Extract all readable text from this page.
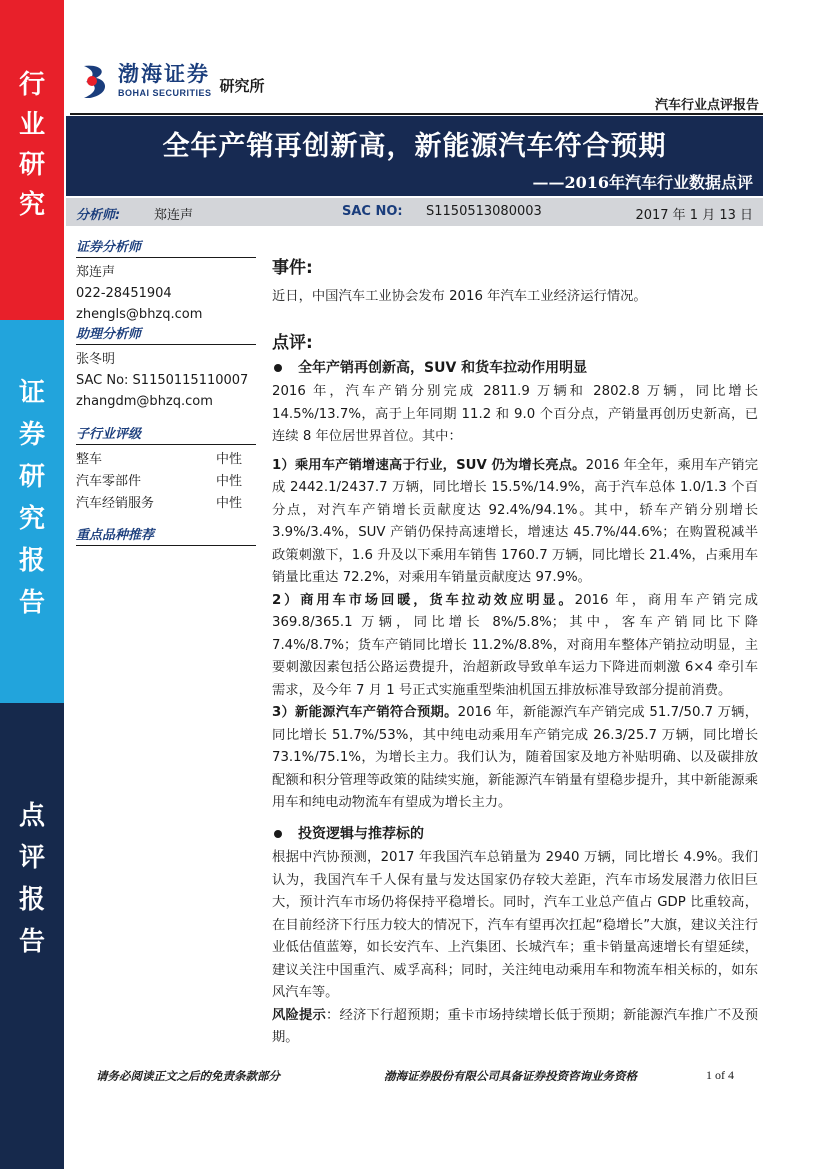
行
业
研
究
证
券
研
究
报
告
点
评
报
告
渤海证券
BOHAI SECURITIES 研究所
汽车行业点评报告
全年产销再创新高，新能源汽车符合预期
——2016年汽车行业数据点评
分析师:	郑连声	SAC NO: S1150513080003	2017 年 1 月 13 日
证券分析师
郑连声
022-28451904
zhengls@bhzq.com
助理分析师
张冬明
SAC No: S1150115110007
zhangdm@bhzq.com
子行业评级
整车	中性
汽车零部件	中性
汽车经销服务	中性
重点品种推荐
事件:
近日，中国汽车工业协会发布 2016 年汽车工业经济运行情况。
点评:
全年产销再创新高，SUV 和货车拉动作用明显
2016 年，汽车产销分别完成 2811.9 万辆和 2802.8 万辆，同比增长 14.5%/13.7%，高于上年同期 11.2 和 9.0 个百分点，产销量再创历史新高，已连续 8 年位居世界首位。其中：
1）乘用车产销增速高于行业，SUV 仍为增长亮点。2016 年全年，乘用车产销完成 2442.1/2437.7 万辆，同比增长 15.5%/14.9%，高于汽车总体 1.0/1.3 个百分点，对汽车产销增长贡献度达 92.4%/94.1%。其中，轿车产销分别增长 3.9%/3.4%，SUV 产销仍保持高速增长，增速达 45.7%/44.6%；在购置税减半政策刺激下，1.6 升及以下乘用车销售 1760.7 万辆，同比增长 21.4%，占乘用车销量比重达 72.2%，对乘用车销量贡献度达 97.9%。
2）商用车市场回暖，货车拉动效应明显。2016 年，商用车产销完成 369.8/365.1 万辆，同比增长 8%/5.8%；其中，客车产销同比下降 7.4%/8.7%；货车产销同比增长 11.2%/8.8%，对商用车整体产销拉动明显，主要刺激因素包括公路运费提升，治超新政导致单车运力下降进而刺激 6×4 牵引车需求，及今年 7 月 1 号正式实施重型柴油机国五排放标准导致部分提前消费。
3）新能源汽车产销符合预期。2016 年，新能源汽车产销完成 51.7/50.7 万辆，同比增长 51.7%/53%，其中纯电动乘用车产销完成 26.3/25.7 万辆，同比增长 73.1%/75.1%，为增长主力。我们认为，随着国家及地方补贴明确、以及碳排放配额和积分管理等政策的陆续实施，新能源汽车销量有望稳步提升，其中新能源乘用车和纯电动物流车有望成为增长主力。
投资逻辑与推荐标的
根据中汽协预测，2017 年我国汽车总销量为 2940 万辆，同比增长 4.9%。我们认为，我国汽车千人保有量与发达国家仍存较大差距，汽车市场发展潜力依旧巨大，预计汽车市场仍将保持平稳增长。同时，汽车工业总产值占 GDP 比重较高，在目前经济下行压力较大的情况下，汽车有望再次扛起“稳增长”大旗，建议关注行业低估值蓝筹，如长安汽车、上汽集团、长城汽车；重卡销量高速增长有望延续，建议关注中国重汽、威孚高科；同时，关注纯电动乘用车和物流车相关标的，如东风汽车等。
风险提示：经济下行超预期；重卡市场持续增长低于预期；新能源汽车推广不及预期。
请务必阅读正文之后的免责条款部分	渤海证券股份有限公司具备证券投资咨询业务资格	1 of 4
